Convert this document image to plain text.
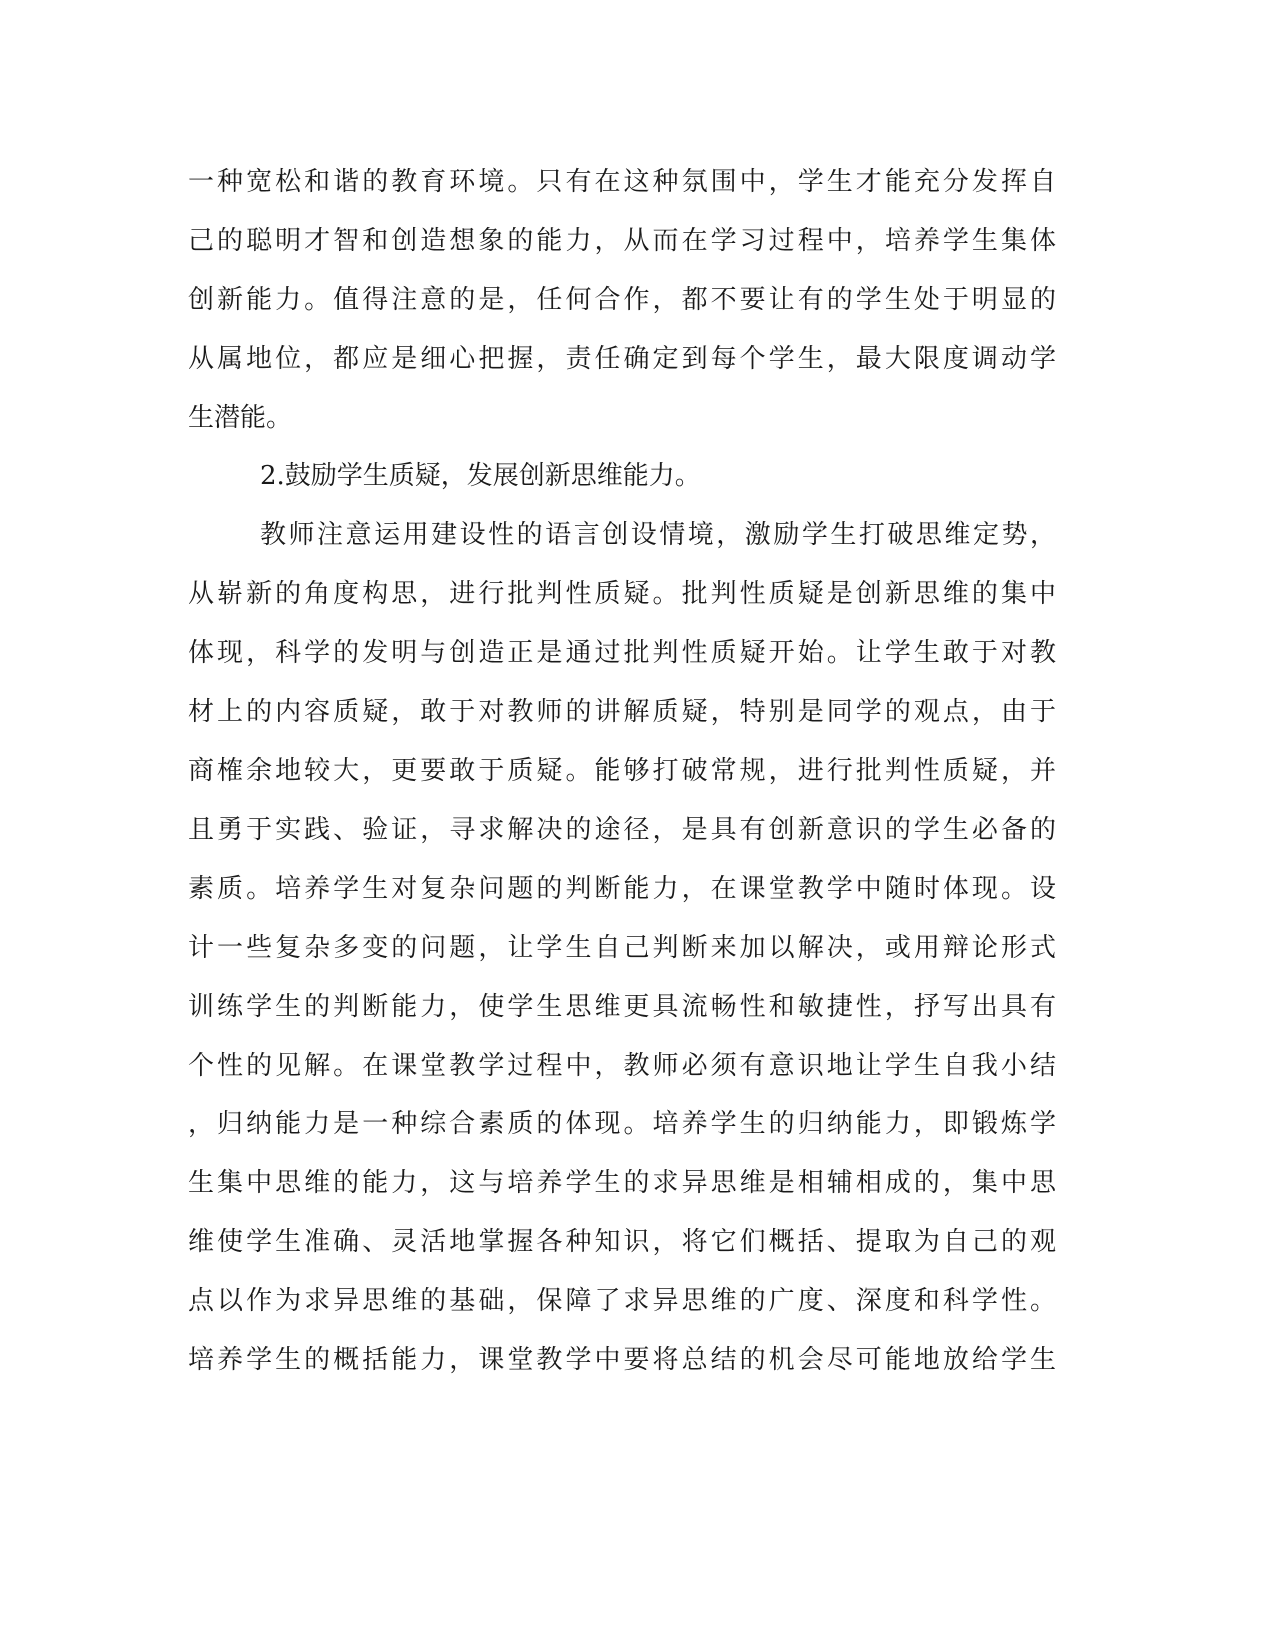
一种宽松和谐的教育环境。只有在这种氛围中，学生才能充分发挥自
己的聪明才智和创造想象的能力，从而在学习过程中，培养学生集体
创新能力。值得注意的是，任何合作，都不要让有的学生处于明显的
从属地位，都应是细心把握，责任确定到每个学生，最大限度调动学
生潜能。
2.鼓励学生质疑，发展创新思维能力。
教师注意运用建设性的语言创设情境，激励学生打破思维定势，
从崭新的角度构思，进行批判性质疑。批判性质疑是创新思维的集中
体现，科学的发明与创造正是通过批判性质疑开始。让学生敢于对教
材上的内容质疑，敢于对教师的讲解质疑，特别是同学的观点，由于
商榷余地较大，更要敢于质疑。能够打破常规，进行批判性质疑，并
且勇于实践、验证，寻求解决的途径，是具有创新意识的学生必备的
素质。培养学生对复杂问题的判断能力，在课堂教学中随时体现。设
计一些复杂多变的问题，让学生自己判断来加以解决，或用辩论形式
训练学生的判断能力，使学生思维更具流畅性和敏捷性，抒写出具有
个性的见解。在课堂教学过程中，教师必须有意识地让学生自我小结
，归纳能力是一种综合素质的体现。培养学生的归纳能力，即锻炼学
生集中思维的能力，这与培养学生的求异思维是相辅相成的，集中思
维使学生准确、灵活地掌握各种知识，将它们概括、提取为自己的观
点以作为求异思维的基础，保障了求异思维的广度、深度和科学性。
培养学生的概括能力，课堂教学中要将总结的机会尽可能地放给学生
